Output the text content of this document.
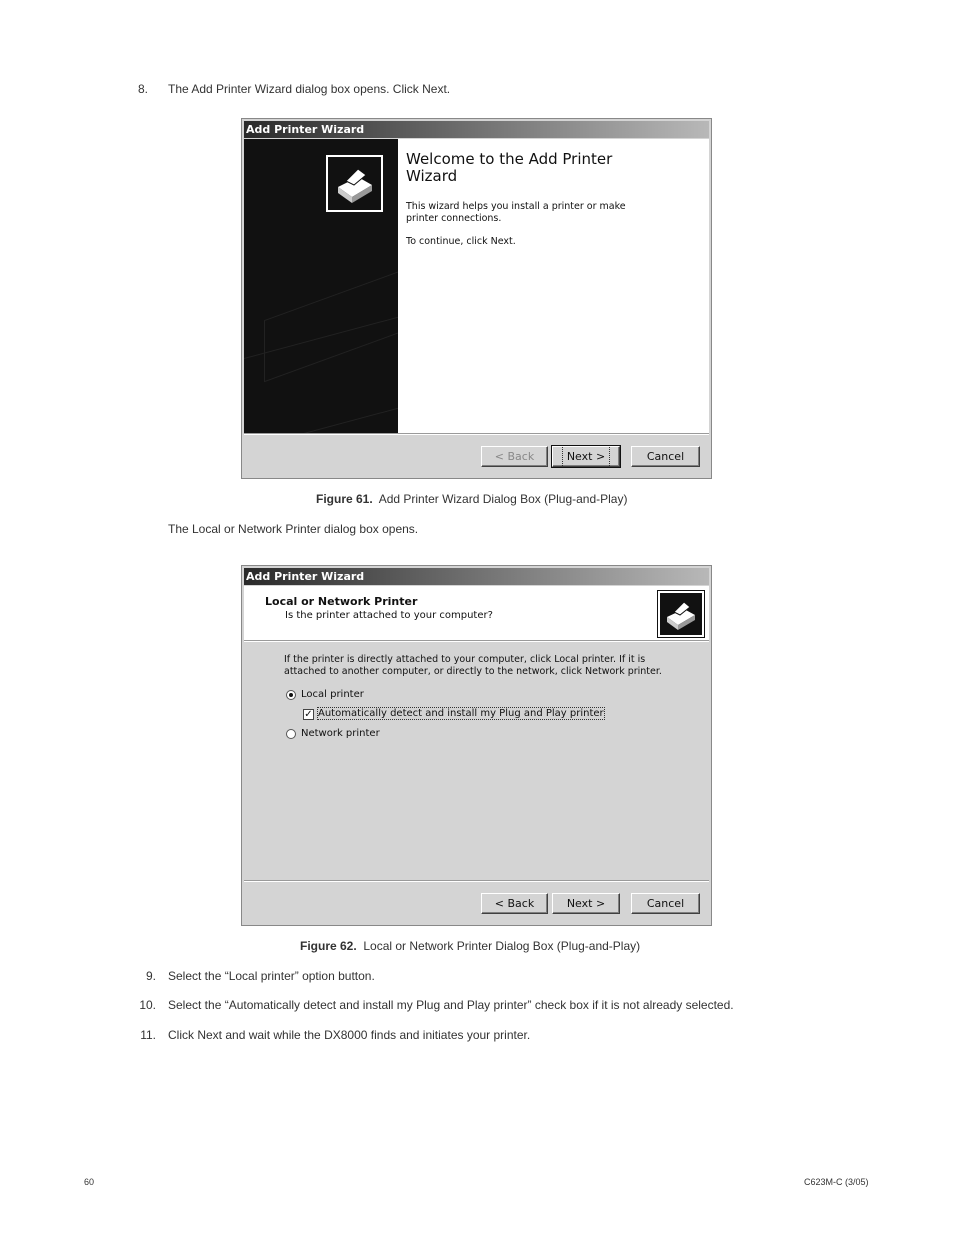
8. The Add Printer Wizard dialog box opens. Click Next.
Add Printer Wizard
Welcome to the Add Printer Wizard
This wizard helps you install a printer or make printer connections.
To continue, click Next.
< Back	Next >	Cancel
Figure 61. Add Printer Wizard Dialog Box (Plug-and-Play)
The Local or Network Printer dialog box opens.
Add Printer Wizard
Local or Network Printer
Is the printer attached to your computer?
If the printer is directly attached to your computer, click Local printer. If it is attached to another computer, or directly to the network, click Network printer.
Local printer
✓ Automatically detect and install my Plug and Play printer
Network printer
< Back	Next >	Cancel
Figure 62. Local or Network Printer Dialog Box (Plug-and-Play)
9. Select the “Local printer” option button.
10. Select the “Automatically detect and install my Plug and Play printer” check box if it is not already selected.
11. Click Next and wait while the DX8000 finds and initiates your printer.
60	C623M-C (3/05)
